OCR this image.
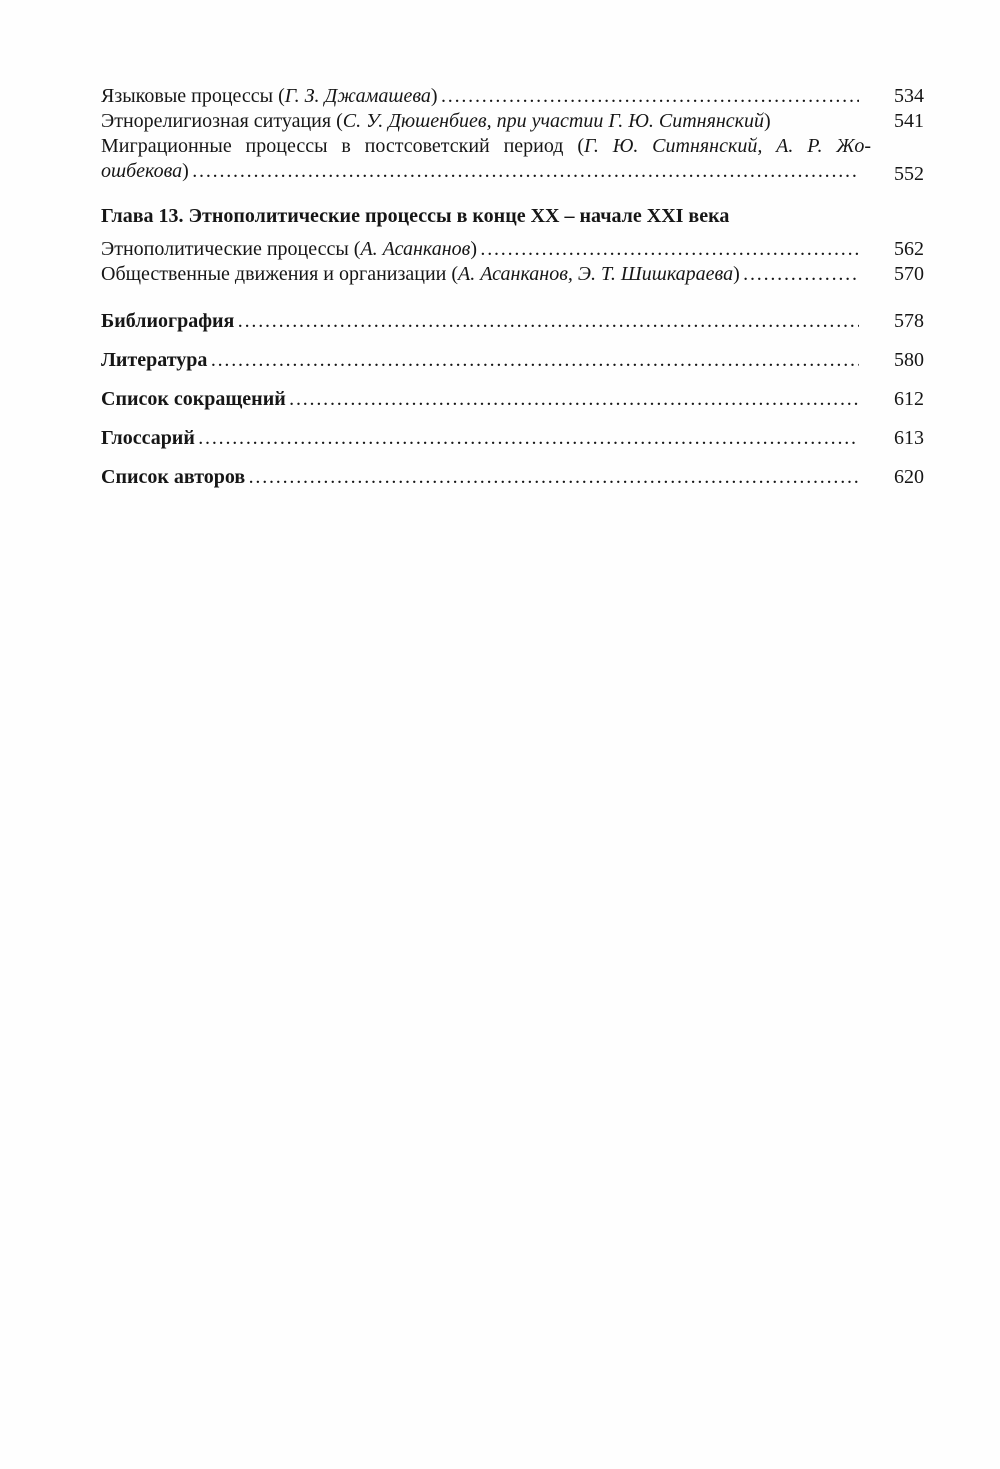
Языковые процессы (Г. З. Джамашева) . . .	534
Этнорелигиозная ситуация (С. У. Дюшенбиев, при участии Г. Ю. Ситнянский)	541
Миграционные процессы в постсоветский период (Г. Ю. Ситнянский, А. Р. Жо-
ошбекова) . . .	552
Глава 13. Этнополитические процессы в конце XX – начале XXI века
Этнополитические процессы (А. Асанканов) . . .	562
Общественные движения и организации (А. Асанканов, Э. Т. Шишкараева) . . .	570
Библиография . . .	578
Литература . . .	580
Список сокращений . . .	612
Глоссарий . . .	613
Список авторов . . .	620
